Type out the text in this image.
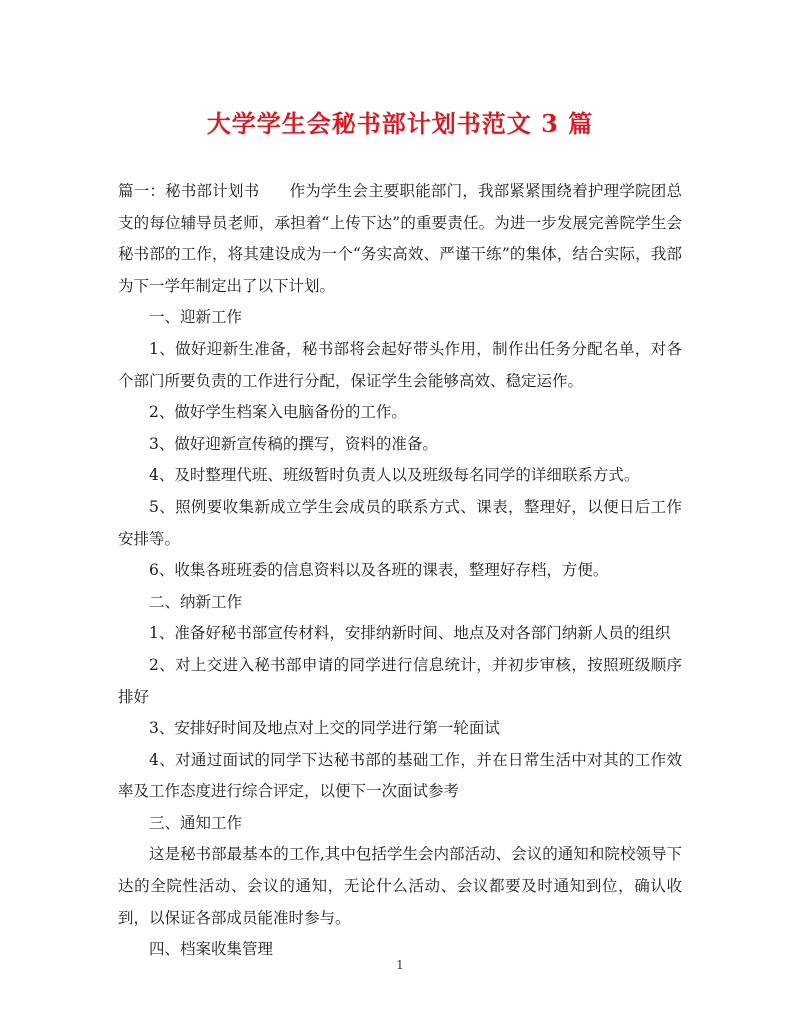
大学学生会秘书部计划书范文 3 篇

篇一：秘书部计划书 作为学生会主要职能部门，我部紧紧围绕着护理学院团总支的每位辅导员老师，承担着“上传下达”的重要责任。为进一步发展完善院学生会秘书部的工作，将其建设成为一个“务实高效、严谨干练”的集体，结合实际，我部为下一学年制定出了以下计划。

一、迎新工作

1、做好迎新生准备，秘书部将会起好带头作用，制作出任务分配名单，对各个部门所要负责的工作进行分配，保证学生会能够高效、稳定运作。

2、做好学生档案入电脑备份的工作。

3、做好迎新宣传稿的撰写，资料的准备。

4、及时整理代班、班级暂时负责人以及班级每名同学的详细联系方式。

5、照例要收集新成立学生会成员的联系方式、课表，整理好，以便日后工作安排等。

6、收集各班班委的信息资料以及各班的课表，整理好存档，方便。

二、纳新工作

1、准备好秘书部宣传材料，安排纳新时间、地点及对各部门纳新人员的组织

2、对上交进入秘书部申请的同学进行信息统计，并初步审核，按照班级顺序排好

3、安排好时间及地点对上交的同学进行第一轮面试

4、对通过面试的同学下达秘书部的基础工作，并在日常生活中对其的工作效率及工作态度进行综合评定，以便下一次面试参考

三、通知工作

这是秘书部最基本的工作,其中包括学生会内部活动、会议的通知和院校领导下达的全院性活动、会议的通知，无论什么活动、会议都要及时通知到位，确认收到，以保证各部成员能准时参与。

四、档案收集管理

1
